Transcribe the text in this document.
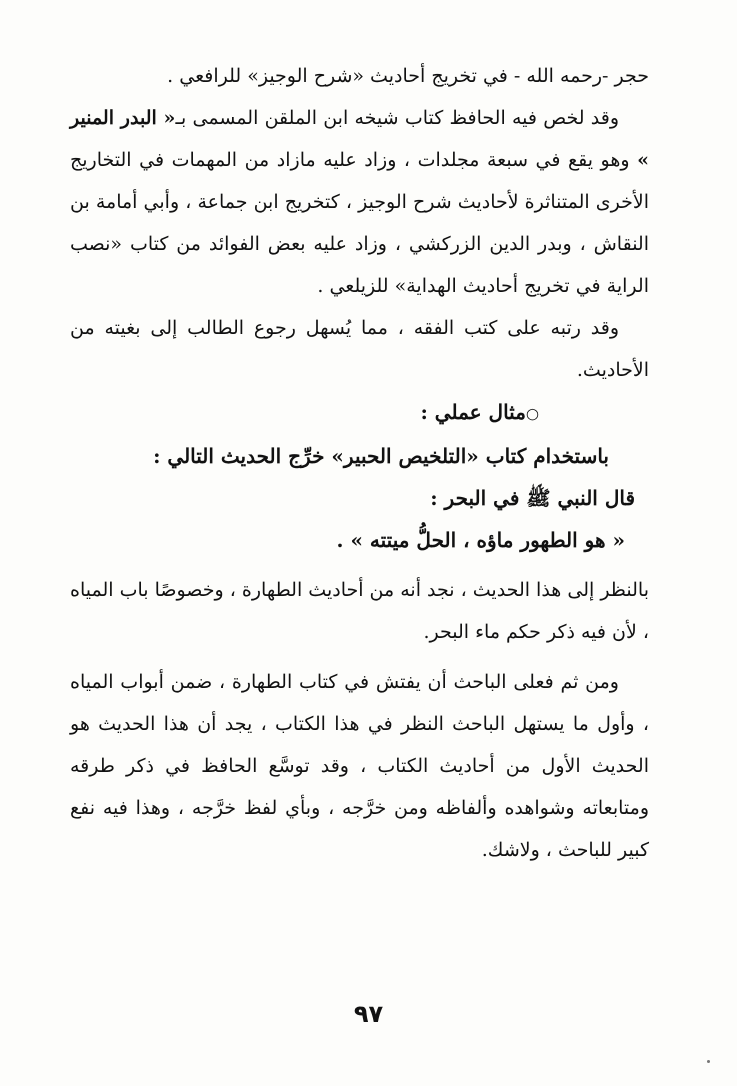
حجر -رحمه الله - في تخريج أحاديث «شرح الوجيز» للرافعي .

وقد لخص فيه الحافظ كتاب شيخه ابن الملقن المسمى بـ« البدر المنير » وهو يقع في سبعة مجلدات ، وزاد عليه مازاد من المهمات في التخاريج الأخرى المتناثرة لأحاديث شرح الوجيز ، كتخريج ابن جماعة ، وأبي أمامة بن النقاش ، وبدر الدين الزركشي ، وزاد عليه بعض الفوائد من كتاب «نصب الراية في تخريج أحاديث الهداية» للزيلعي .

وقد رتبه على كتب الفقه ، مما يُسهل رجوع الطالب إلى بغيته من الأحاديث.

○مثال عملي :

باستخدام كتاب «التلخيص الحبير» خرِّج الحديث التالي :

قال النبي ﷺ في البحر :

« هو الطهور ماؤه ، الحلُّ ميتته » .

بالنظر إلى هذا الحديث ، نجد أنه من أحاديث الطهارة ، وخصوصًا باب المياه ، لأن فيه ذكر حكم ماء البحر.

ومن ثم فعلى الباحث أن يفتش في كتاب الطهارة ، ضمن أبواب المياه ، وأول ما يستهل الباحث النظر في هذا الكتاب ، يجد أن هذا الحديث هو الحديث الأول من أحاديث الكتاب ، وقد توسَّع الحافظ في ذكر طرقه ومتابعاته وشواهده وألفاظه ومن خرَّجه ، وبأي لفظ خرَّجه ، وهذا فيه نفع كبير للباحث ، ولاشك.

٩٧
